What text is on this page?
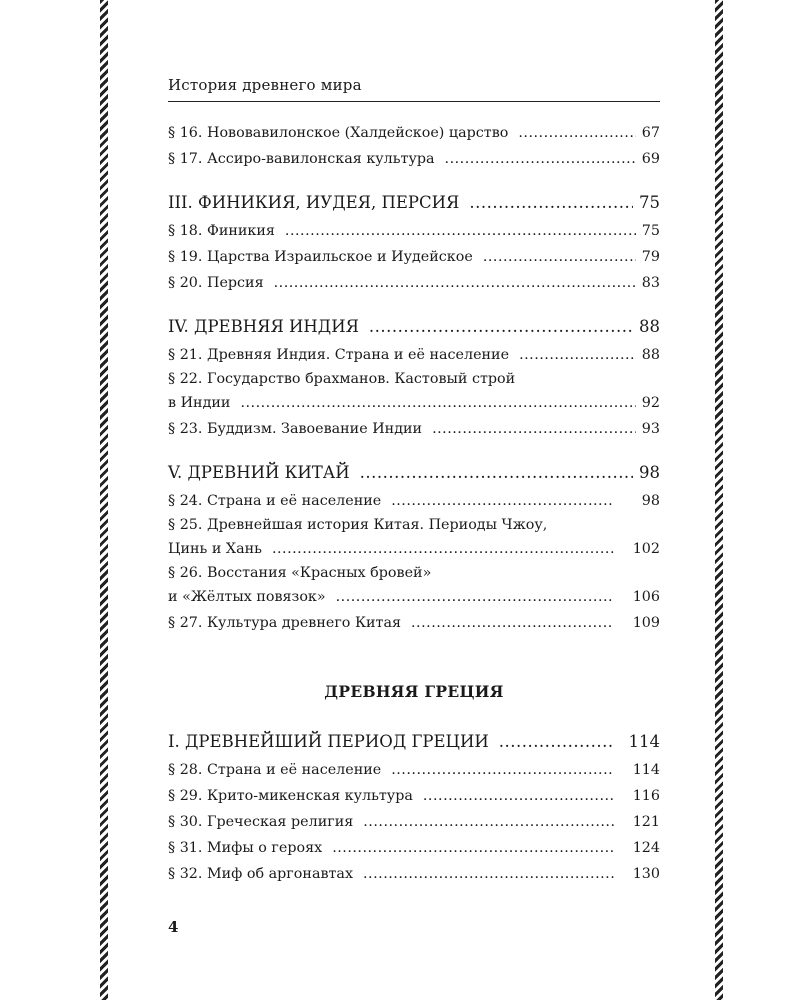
История древнего мира
§ 16. Нововавилонское (Халдейское) царство .....	67
§ 17. Ассиро-вавилонская культура .....	69
III. ФИНИКИЯ, ИУДЕЯ, ПЕРСИЯ .....	75
§ 18. Финикия .....	75
§ 19. Царства Израильское и Иудейское .....	79
§ 20. Персия .....	83
IV. ДРЕВНЯЯ ИНДИЯ .....	88
§ 21. Древняя Индия. Страна и её население .....	88
§ 22. Государство брахманов. Кастовый строй
в Индии .....	92
§ 23. Буддизм. Завоевание Индии .....	93
V. ДРЕВНИЙ КИТАЙ .....	98
§ 24. Страна и её население .....	98
§ 25. Древнейшая история Китая. Периоды Чжоу,
Цинь и Хань .....	102
§ 26. Восстания «Красных бровей»
и «Жёлтых повязок» .....	106
§ 27. Культура древнего Китая .....	109
ДРЕВНЯЯ ГРЕЦИЯ
I. ДРЕВНЕЙШИЙ ПЕРИОД ГРЕЦИИ .....	114
§ 28. Страна и её население .....	114
§ 29. Крито-микенская культура .....	116
§ 30. Греческая религия .....	121
§ 31. Мифы о героях .....	124
§ 32. Миф об аргонавтах .....	130
4
